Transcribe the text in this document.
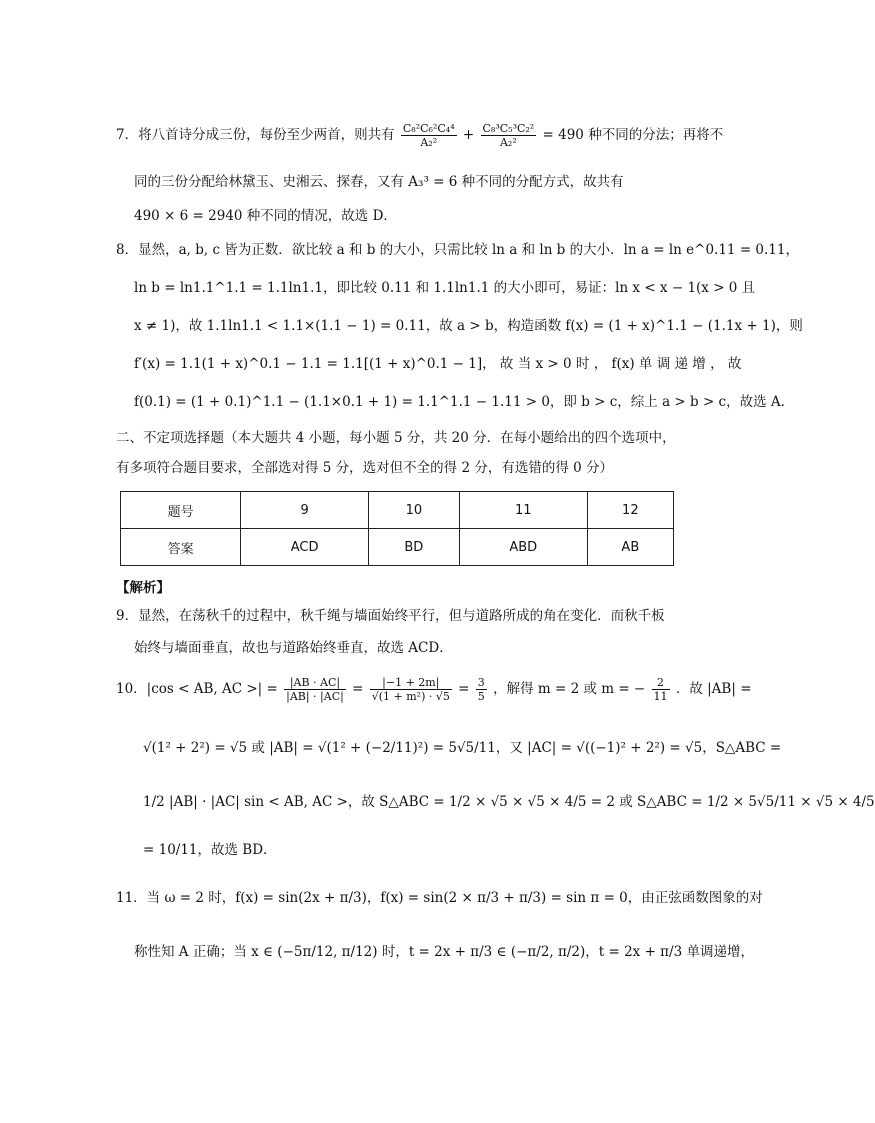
7．将八首诗分成三份，每份至少两首，则共有 $\frac{\text{C₈²C₆²C₄⁴}}{\text{A₂²}} + \frac{\text{C₈³C₅³C₂²}}{\text{A₂²}} = 490$ 种不同的分法；再将不
同的三份分配给林黛玉、史湘云、探春，又有 A₃³ = 6 种不同的分配方式，故共有
490 × 6 = 2940 种不同的情况，故选 D．
8．显然，a, b, c 皆为正数．欲比较 a 和 b 的大小，只需比较 ln a 和 ln b 的大小．ln a = ln e^0.11 = 0.11，
ln b = ln1.1^1.1 = 1.1ln1.1，即比较 0.11 和 1.1ln1.1 的大小即可，易证：ln x < x − 1(x > 0 且
x ≠ 1)，故 1.1ln1.1 < 1.1×(1.1 − 1) = 0.11，故 a > b，构造函数 f(x) = (1 + x)^1.1 − (1.1x + 1)，则
f′(x) = 1.1(1 + x)^0.1 − 1.1 = 1.1[(1 + x)^0.1 − 1]， 故 当 x > 0 时 ， f(x) 单 调 递 增 ， 故
f(0.1) = (1 + 0.1)^1.1 − (1.1×0.1 + 1) = 1.1^1.1 − 1.11 > 0，即 b > c，综上 a > b > c，故选 A．
二、不定项选择题（本大题共 4 小题，每小题 5 分，共 20 分．在每小题给出的四个选项中，
有多项符合题目要求，全部选对得 5 分，选对但不全的得 2 分，有选错的得 0 分）
题号	9	10	11	12
答案	ACD	BD	ABD	AB
【解析】
9．显然，在荡秋千的过程中，秋千绳与墙面始终平行，但与道路所成的角在变化．而秋千板
始终与墙面垂直，故也与道路始终垂直，故选 ACD．
10．|cos < AB, AC >| = $\frac{|AB \cdot AC|}{|AB| \cdot |AC|} = \frac{|-1 + 2m|}{\text{√(1 + m²) · √5}} = \frac{3}{5}$ ，解得 m = 2 或 m = − $\frac{2}{11}$ ．故 |AB| =
√(1² + 2²) = √5 或 |AB| = √(1² + (−2/11)²) = 5√5/11，又 |AC| = √((−1)² + 2²) = √5，S△ABC =
1/2 |AB| · |AC| sin < AB, AC >，故 S△ABC = 1/2 × √5 × √5 × 4/5 = 2 或 S△ABC = 1/2 × 5√5/11 × √5 × 4/5
= 10/11，故选 BD．
11．当 ω = 2 时，f(x) = sin(2x + π/3)，f(x) = sin(2 × π/3 + π/3) = sin π = 0，由正弦函数图象的对
称性知 A 正确；当 x ∈ (−5π/12, π/12) 时，t = 2x + π/3 ∈ (−π/2, π/2)，t = 2x + π/3 单调递增，
